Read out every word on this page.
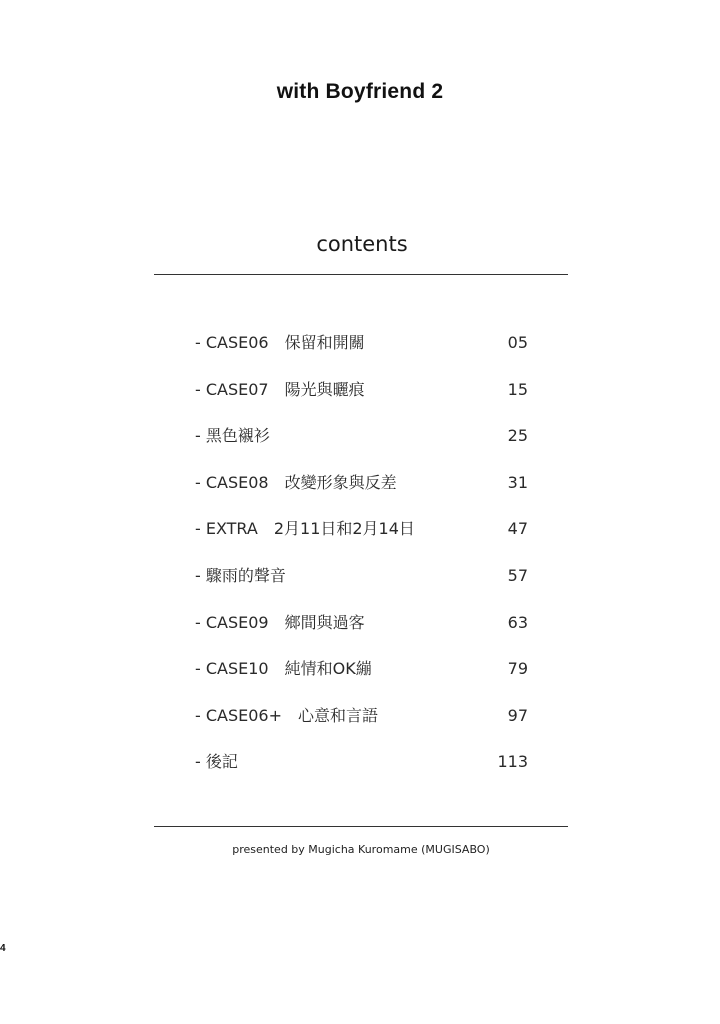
with Boyfriend 2
contents
- CASE06　保留和開關	05
- CASE07　陽光與曬痕	15
- 黑色襯衫	25
- CASE08　改變形象與反差	31
- EXTRA　2月11日和2月14日	47
- 驟雨的聲音	57
- CASE09　鄉間與過客	63
- CASE10　純情和OK繃	79
- CASE06+　心意和言語	97
- 後記	113
presented by Mugicha Kuromame (MUGISABO)
4
